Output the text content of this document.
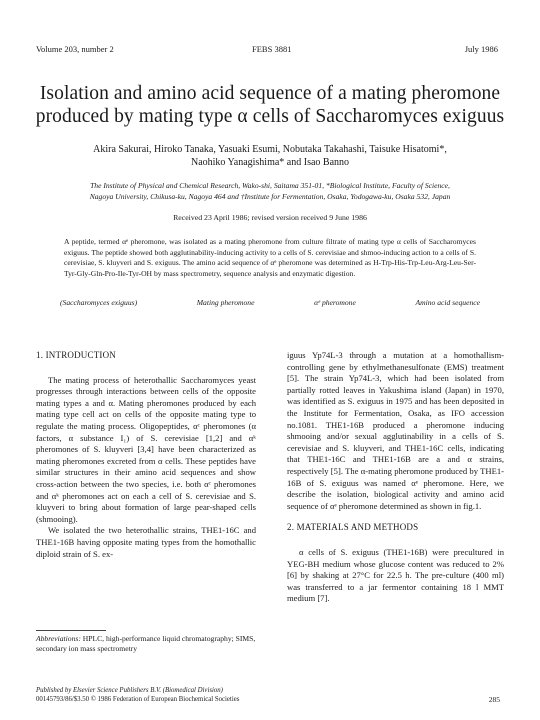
Volume 203, number 2	FEBS 3881	July 1986
Isolation and amino acid sequence of a mating pheromone
produced by mating type α cells of Saccharomyces exiguus
Akira Sakurai, Hiroko Tanaka, Yasuaki Esumi, Nobutaka Takahashi, Taisuke Hisatomi*,
Naohiko Yanagishima* and Isao Banno
The Institute of Physical and Chemical Research, Wako-shi, Saitama 351-01, *Biological Institute, Faculty of Science,
Nagoya University, Chikusa-ku, Nagoya 464 and †Institute for Fermentation, Osaka, Yodogawa-ku, Osaka 532, Japan
Received 23 April 1986; revised version received 9 June 1986
A peptide, termed αᵉ pheromone, was isolated as a mating pheromone from culture filtrate of mating type α cells of Saccharomyces exiguus. The peptide showed both agglutinability-inducing activity to a cells of S. cerevisiae and shmoo-inducing action to a cells of S. cerevisiae, S. kluyveri and S. exiguus. The amino acid sequence of αᵉ pheromone was determined as H-Trp-His-Trp-Leu-Arg-Leu-Ser-Tyr-Gly-Gln-Pro-Ile-Tyr-OH by mass spectrometry, sequence analysis and enzymatic digestion.
(Saccharomyces exiguus)	Mating pheromone	αᵉ pheromone	Amino acid sequence
1. INTRODUCTION

The mating process of heterothallic Saccharomyces yeast progresses through interactions between cells of the opposite mating types a and α. Mating pheromones produced by each mating type cell act on cells of the opposite mating type to regulate the mating process. Oligopeptides, αᶜ pheromones (α factors, α substance I₁) of S. cerevisiae [1,2] and αᵏ pheromones of S. kluyveri [3,4] have been characterized as mating pheromones excreted from α cells. These peptides have similar structures in their amino acid sequences and show cross-action between the two species, i.e. both αᶜ pheromones and αᵏ pheromones act on each a cell of S. cerevisiae and S. kluyveri to bring about formation of large pear-shaped cells (shmooing).

We isolated the two heterothallic strains, THE1-16C and THE1-16B having opposite mating types from the homothallic diploid strain of S. ex-

Abbreviations: HPLC, high-performance liquid chromatography; SIMS, secondary ion mass spectrometry

iguus Yp74L-3 through a mutation at a homothallism-controlling gene by ethylmethanesulfonate (EMS) treatment [5]. The strain Yp74L-3, which had been isolated from partially rotted leaves in Yakushima island (Japan) in 1970, was identified as S. exiguus in 1975 and has been deposited in the Institute for Fermentation, Osaka, as IFO accession no.1081. THE1-16B produced a pheromone inducing shmooing and/or sexual agglutinability in a cells of S. cerevisiae and S. kluyveri, and THE1-16C cells, indicating that THE1-16C and THE1-16B are a and α strains, respectively [5]. The α-mating pheromone produced by THE1-16B of S. exiguus was named αᵉ pheromone. Here, we describe the isolation, biological activity and amino acid sequence of αᵉ pheromone determined as shown in fig.1.

2. MATERIALS AND METHODS

α cells of S. exiguus (THE1-16B) were precultured in YEG-BH medium whose glucose content was reduced to 2% [6] by shaking at 27°C for 22.5 h. The pre-culture (400 ml) was transferred to a jar fermentor containing 18 l MMT medium [7].

Published by Elsevier Science Publishers B.V. (Biomedical Division)
00145793/86/$3.50 © 1986 Federation of European Biochemical Societies	285
